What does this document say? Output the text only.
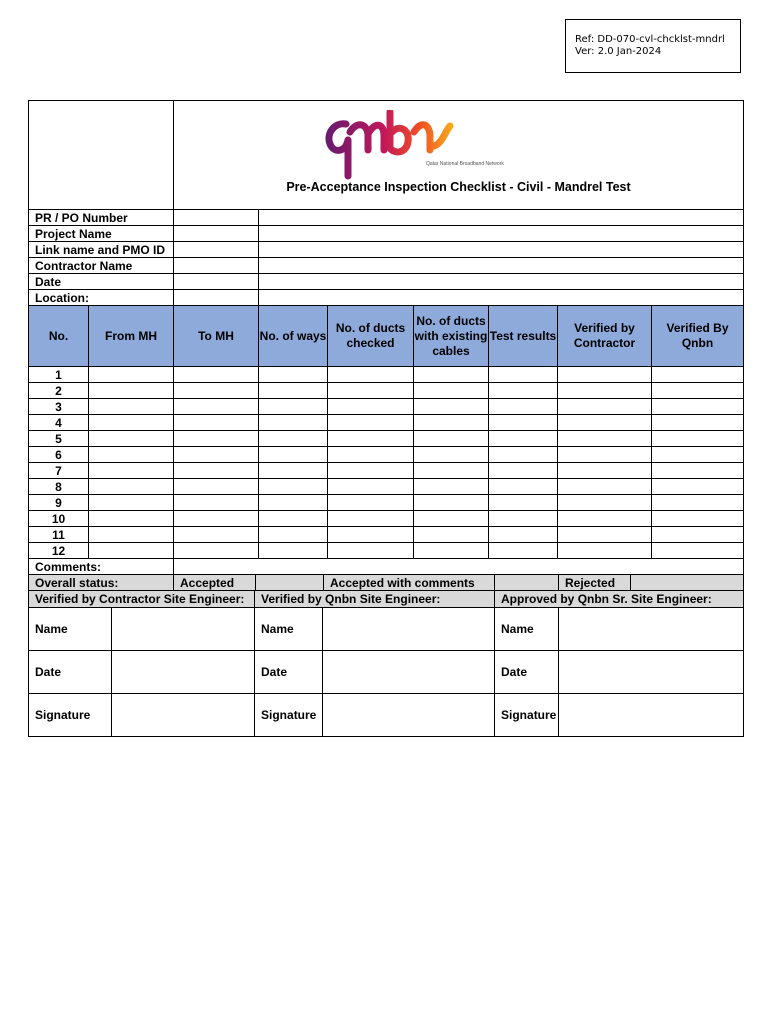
Ref: DD-070-cvl-chcklst-mndrl
Ver: 2.0 Jan-2024

		Qatar National Broadband Network
Pre-Acceptance Inspection Checklist - Civil - Mandrel Test						

PR / PO Number								
Project Name								
Link name and PMO ID								
Contractor Name								
Date								
Location:								
No.	From MH	To MH	No. of ways	No. of ducts checked	No. of ducts with existing cables	Test results	Verified by Contractor	Verified By Qnbn
1								
2								
3								
4								
5								
6								
7								
8								
9								
10								
11								
12								
Comments:								
Overall status:	Accepted		Accepted with comments		Rejected	
Verified by Contractor Site Engineer:		Verified by Qnbn Site Engineer:		Approved by Qnbn Sr. Site Engineer:	
Name		Name		Name	
Date		Date		Date	
Signature		Signature		Signature	
